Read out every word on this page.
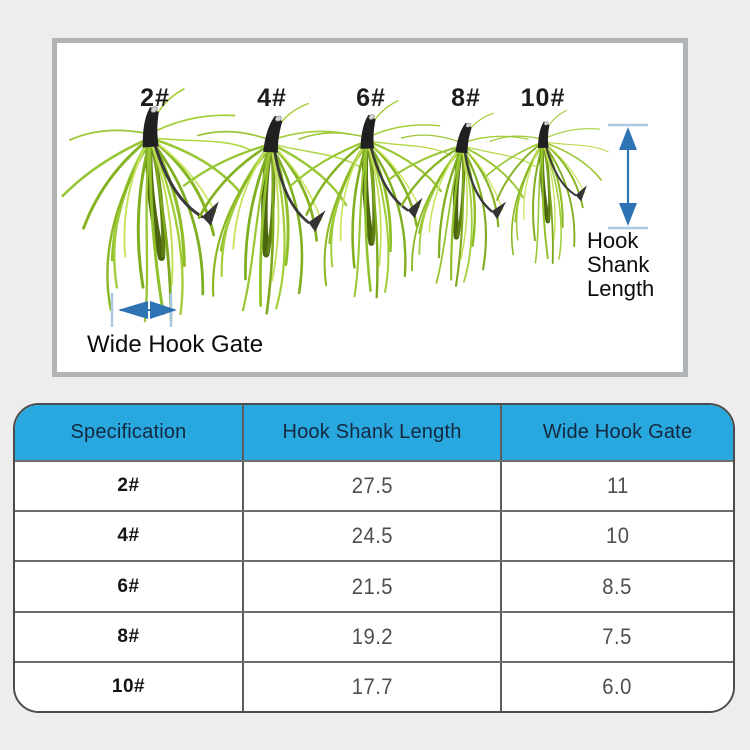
2#	4#	6#	8# 10#
Hook Shank Length
Wide Hook Gate
Specification	Hook Shank Length	Wide Hook Gate
2#	27.5	11
4#	24.5	10
6#	21.5	8.5
8#	19.2	7.5
10#	17.7	6.0
